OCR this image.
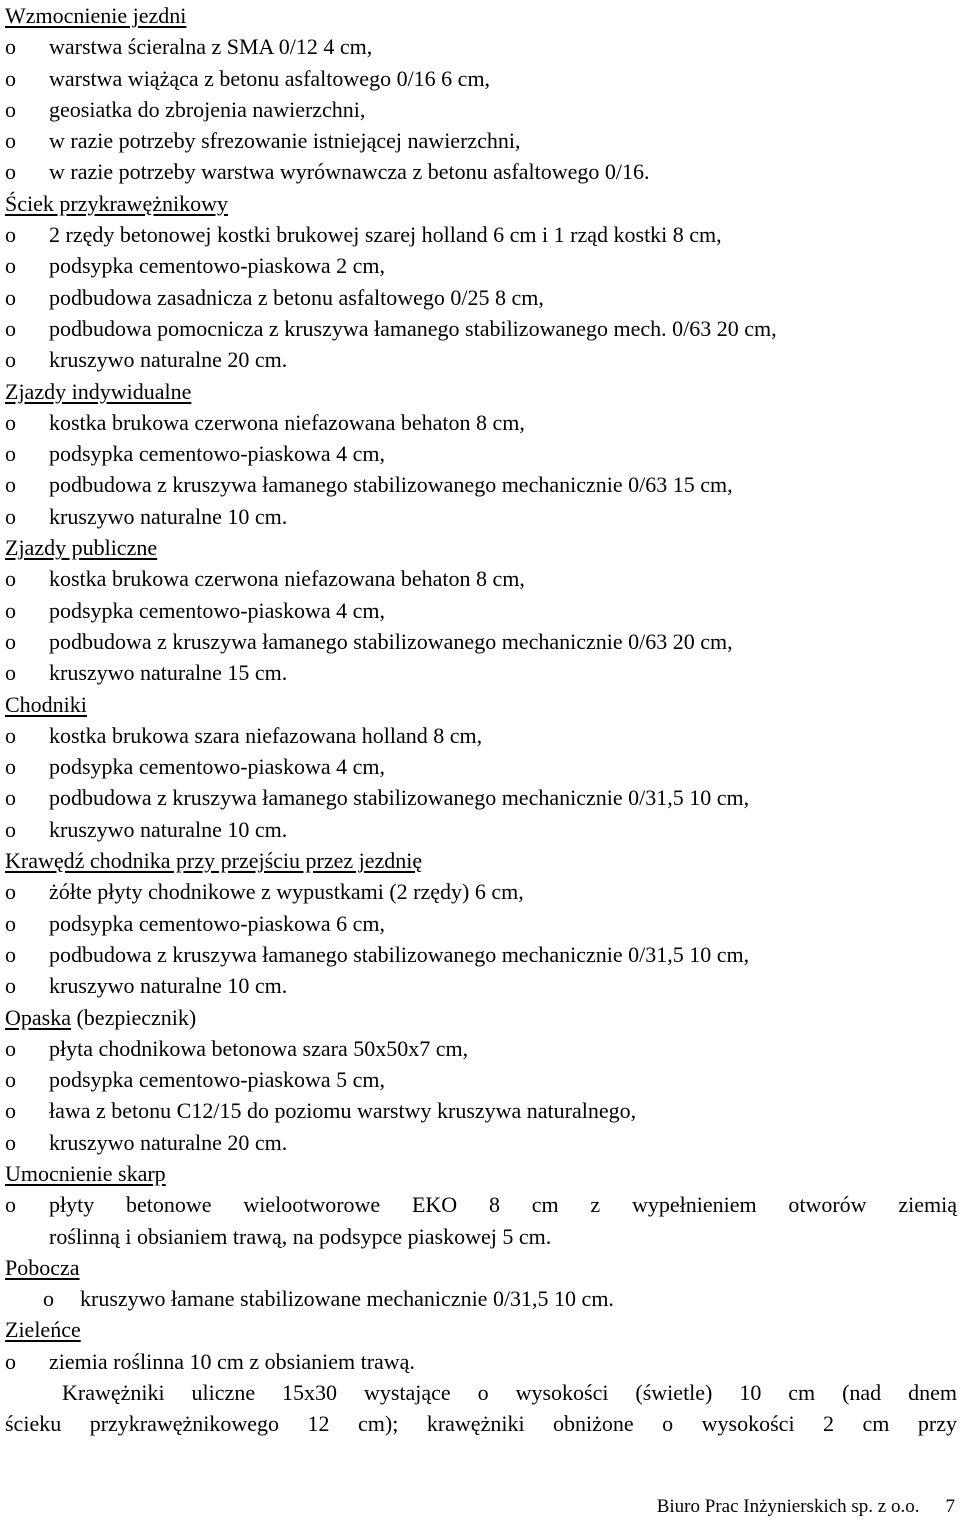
Wzmocnienie jezdni
o warstwa ścieralna z SMA 0/12 4 cm,
o warstwa wiążąca z betonu asfaltowego 0/16 6 cm,
o geosiatka do zbrojenia nawierzchni,
o w razie potrzeby sfrezowanie istniejącej nawierzchni,
o w razie potrzeby warstwa wyrównawcza z betonu asfaltowego 0/16.
Ściek przykrawężnikowy
o 2 rzędy betonowej kostki brukowej szarej holland 6 cm i 1 rząd kostki 8 cm,
o podsypka cementowo-piaskowa 2 cm,
o podbudowa zasadnicza z betonu asfaltowego 0/25 8 cm,
o podbudowa pomocnicza z kruszywa łamanego stabilizowanego mech. 0/63 20 cm,
o kruszywo naturalne 20 cm.
Zjazdy indywidualne
o kostka brukowa czerwona niefazowana behaton 8 cm,
o podsypka cementowo-piaskowa 4 cm,
o podbudowa z kruszywa łamanego stabilizowanego mechanicznie 0/63 15 cm,
o kruszywo naturalne 10 cm.
Zjazdy publiczne
o kostka brukowa czerwona niefazowana behaton 8 cm,
o podsypka cementowo-piaskowa 4 cm,
o podbudowa z kruszywa łamanego stabilizowanego mechanicznie 0/63 20 cm,
o kruszywo naturalne 15 cm.
Chodniki
o kostka brukowa szara niefazowana holland 8 cm,
o podsypka cementowo-piaskowa 4 cm,
o podbudowa z kruszywa łamanego stabilizowanego mechanicznie 0/31,5 10 cm,
o kruszywo naturalne 10 cm.
Krawędź chodnika przy przejściu przez jezdnię
o żółte płyty chodnikowe z wypustkami (2 rzędy) 6 cm,
o podsypka cementowo-piaskowa 6 cm,
o podbudowa z kruszywa łamanego stabilizowanego mechanicznie 0/31,5 10 cm,
o kruszywo naturalne 10 cm.
Opaska (bezpiecznik)
o płyta chodnikowa betonowa szara 50x50x7 cm,
o podsypka cementowo-piaskowa 5 cm,
o ława z betonu C12/15 do poziomu warstwy kruszywa naturalnego,
o kruszywo naturalne 20 cm.
Umocnienie skarp
o płyty betonowe wielootworowe EKO 8 cm z wypełnieniem otworów ziemią
roślinną i obsianiem trawą, na podsypce piaskowej 5 cm.
Pobocza
o kruszywo łamane stabilizowane mechanicznie 0/31,5 10 cm.
Zieleńce
o ziemia roślinna 10 cm z obsianiem trawą.
Krawężniki uliczne 15x30 wystające o wysokości (świetle) 10 cm (nad dnem
ścieku przykrawężnikowego 12 cm); krawężniki obniżone o wysokości 2 cm przy
Biuro Prac Inżynierskich sp. z o.o. 7
